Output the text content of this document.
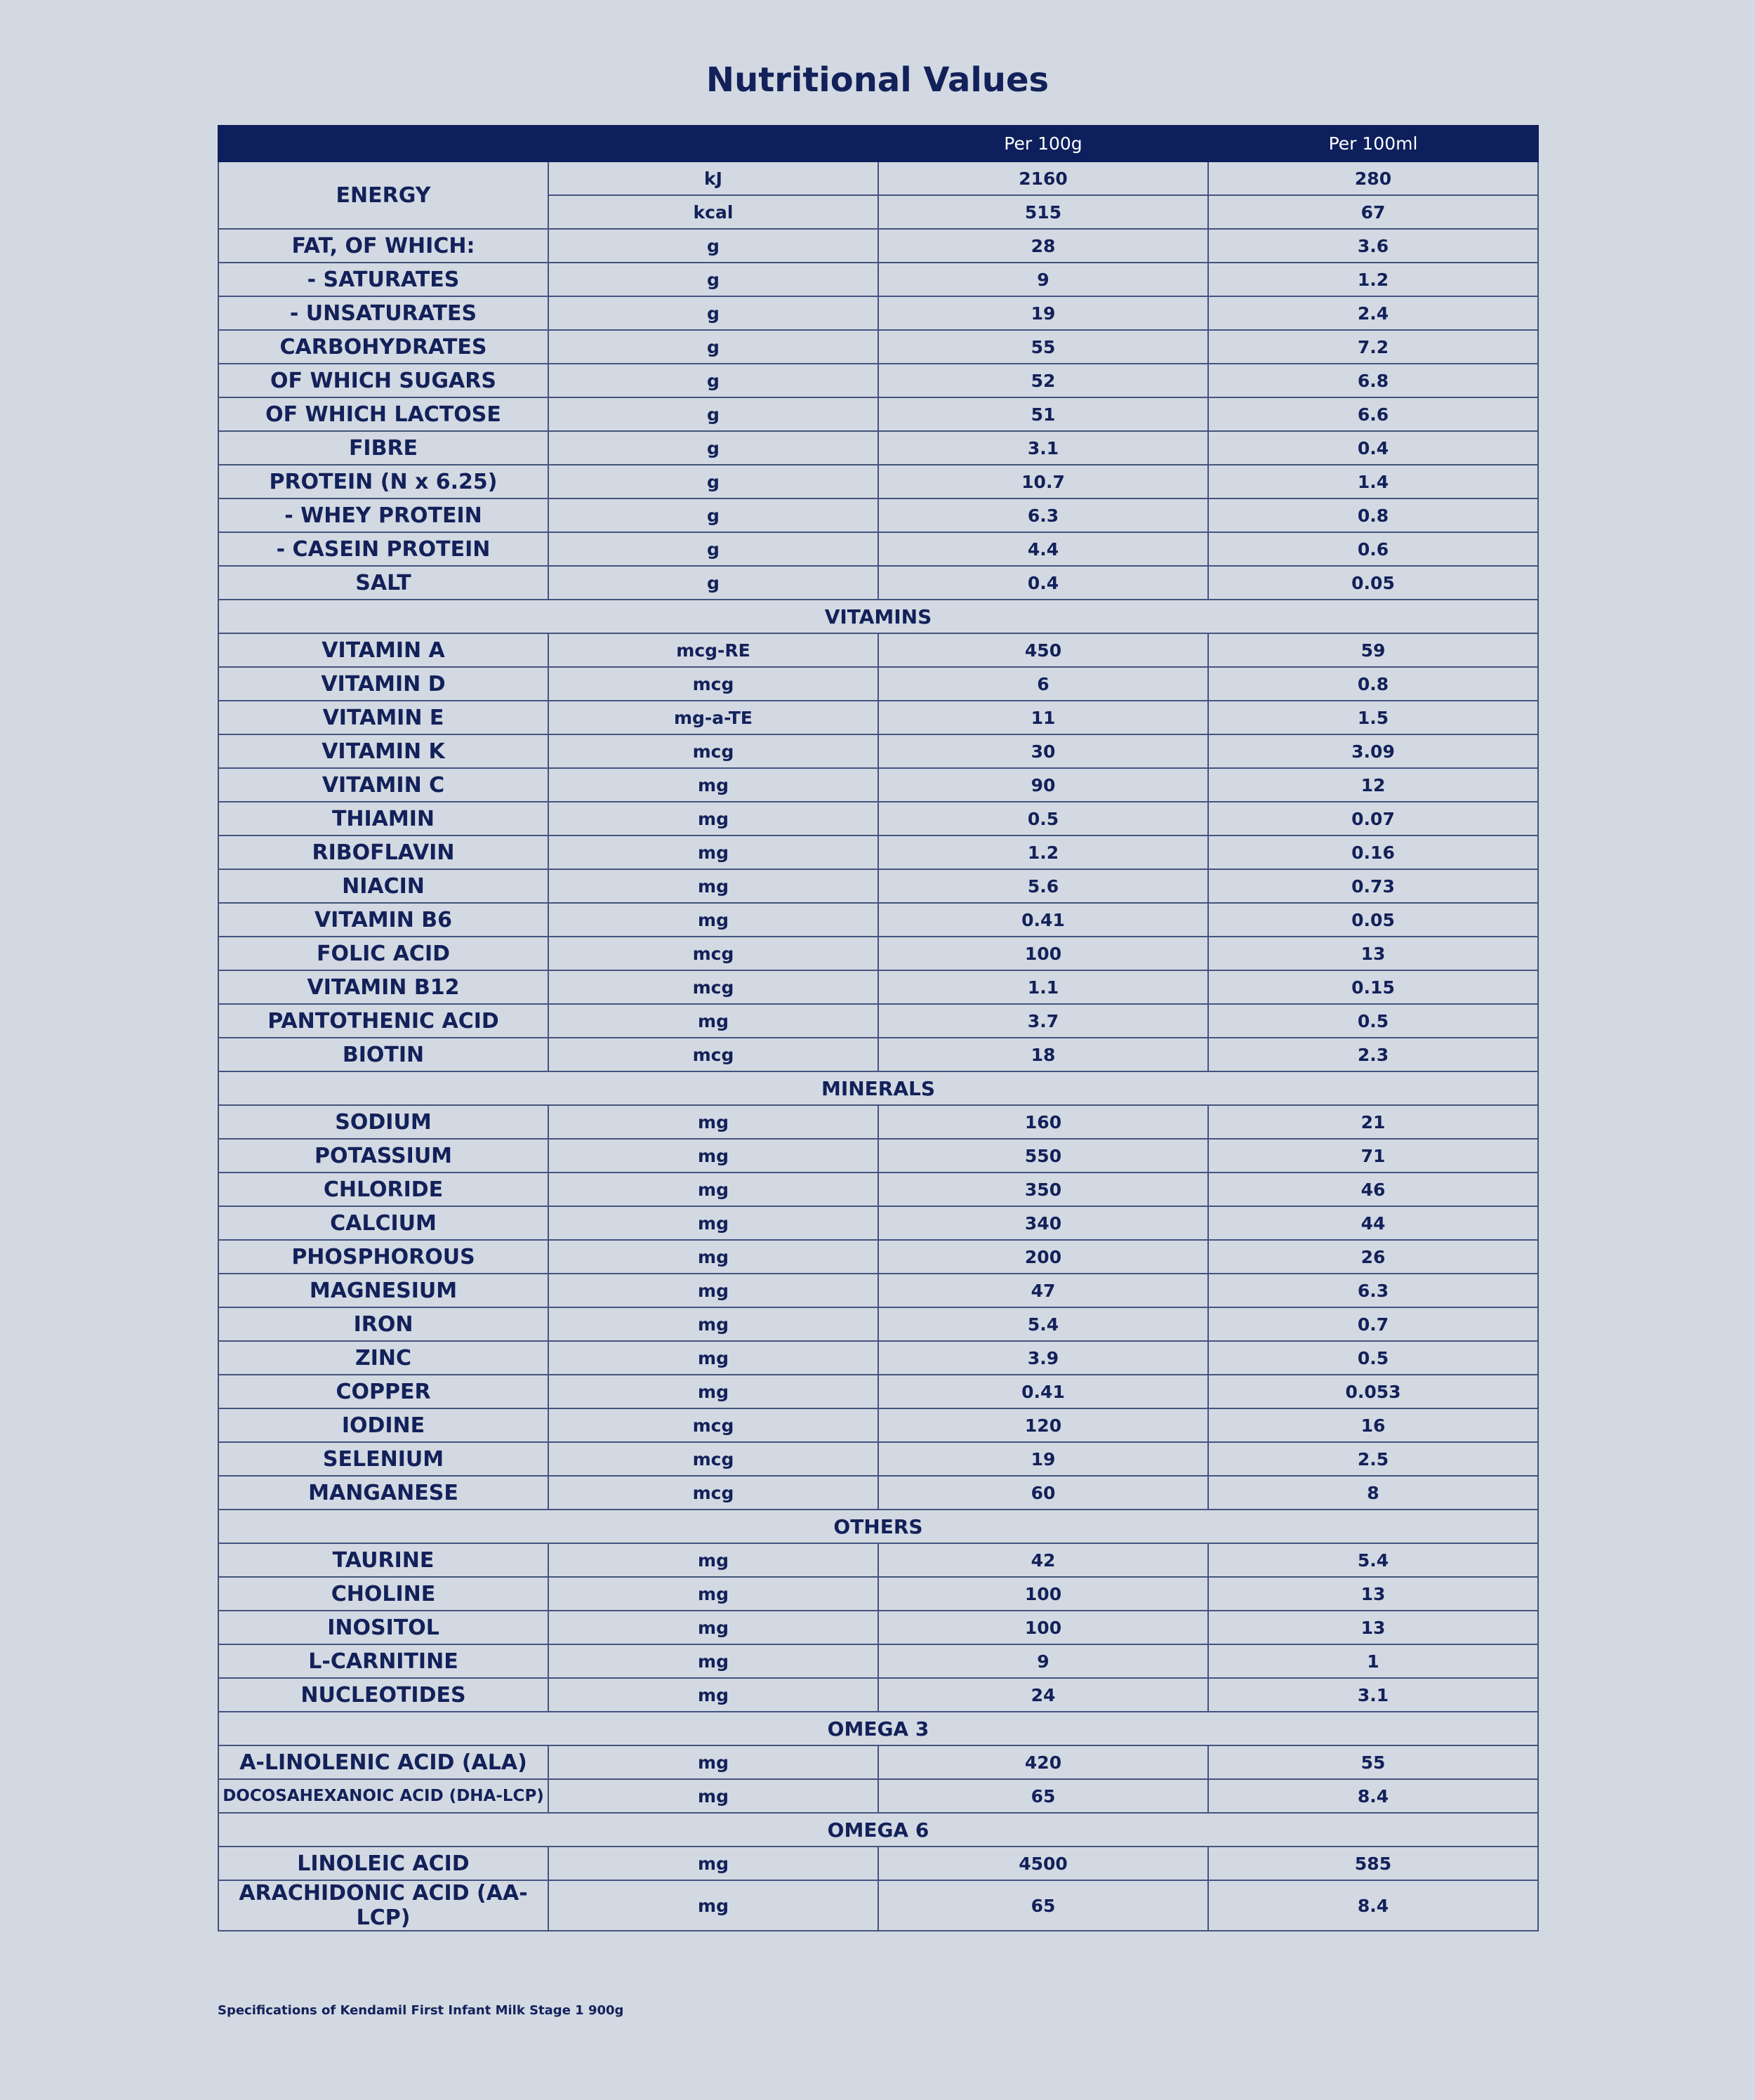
Nutritional Values
		Per 100g	Per 100ml
ENERGY	kJ	2160	280
	kcal	515	67
FAT, OF WHICH:	g	28	3.6
- SATURATES	g	9	1.2
- UNSATURATES	g	19	2.4
CARBOHYDRATES	g	55	7.2
OF WHICH SUGARS	g	52	6.8
OF WHICH LACTOSE	g	51	6.6
FIBRE	g	3.1	0.4
PROTEIN (N x 6.25)	g	10.7	1.4
- WHEY PROTEIN	g	6.3	0.8
- CASEIN PROTEIN	g	4.4	0.6
SALT	g	0.4	0.05
VITAMINS			
VITAMIN A	mcg-RE	450	59
VITAMIN D	mcg	6	0.8
VITAMIN E	mg-a-TE	11	1.5
VITAMIN K	mcg	30	3.09
VITAMIN C	mg	90	12
THIAMIN	mg	0.5	0.07
RIBOFLAVIN	mg	1.2	0.16
NIACIN	mg	5.6	0.73
VITAMIN B6	mg	0.41	0.05
FOLIC ACID	mcg	100	13
VITAMIN B12	mcg	1.1	0.15
PANTOTHENIC ACID	mg	3.7	0.5
BIOTIN	mcg	18	2.3
MINERALS			
SODIUM	mg	160	21
POTASSIUM	mg	550	71
CHLORIDE	mg	350	46
CALCIUM	mg	340	44
PHOSPHOROUS	mg	200	26
MAGNESIUM	mg	47	6.3
IRON	mg	5.4	0.7
ZINC	mg	3.9	0.5
COPPER	mg	0.41	0.053
IODINE	mcg	120	16
SELENIUM	mcg	19	2.5
MANGANESE	mcg	60	8
OTHERS			
TAURINE	mg	42	5.4
CHOLINE	mg	100	13
INOSITOL	mg	100	13
L-CARNITINE	mg	9	1
NUCLEOTIDES	mg	24	3.1
OMEGA 3			
A-LINOLENIC ACID (ALA)	mg	420	55
DOCOSAHEXANOIC ACID (DHA-LCP)	mg	65	8.4
OMEGA 6			
LINOLEIC ACID	mg	4500	585
ARACHIDONIC ACID (AA-LCP)	mg	65	8.4
Specifications of Kendamil First Infant Milk Stage 1 900g
